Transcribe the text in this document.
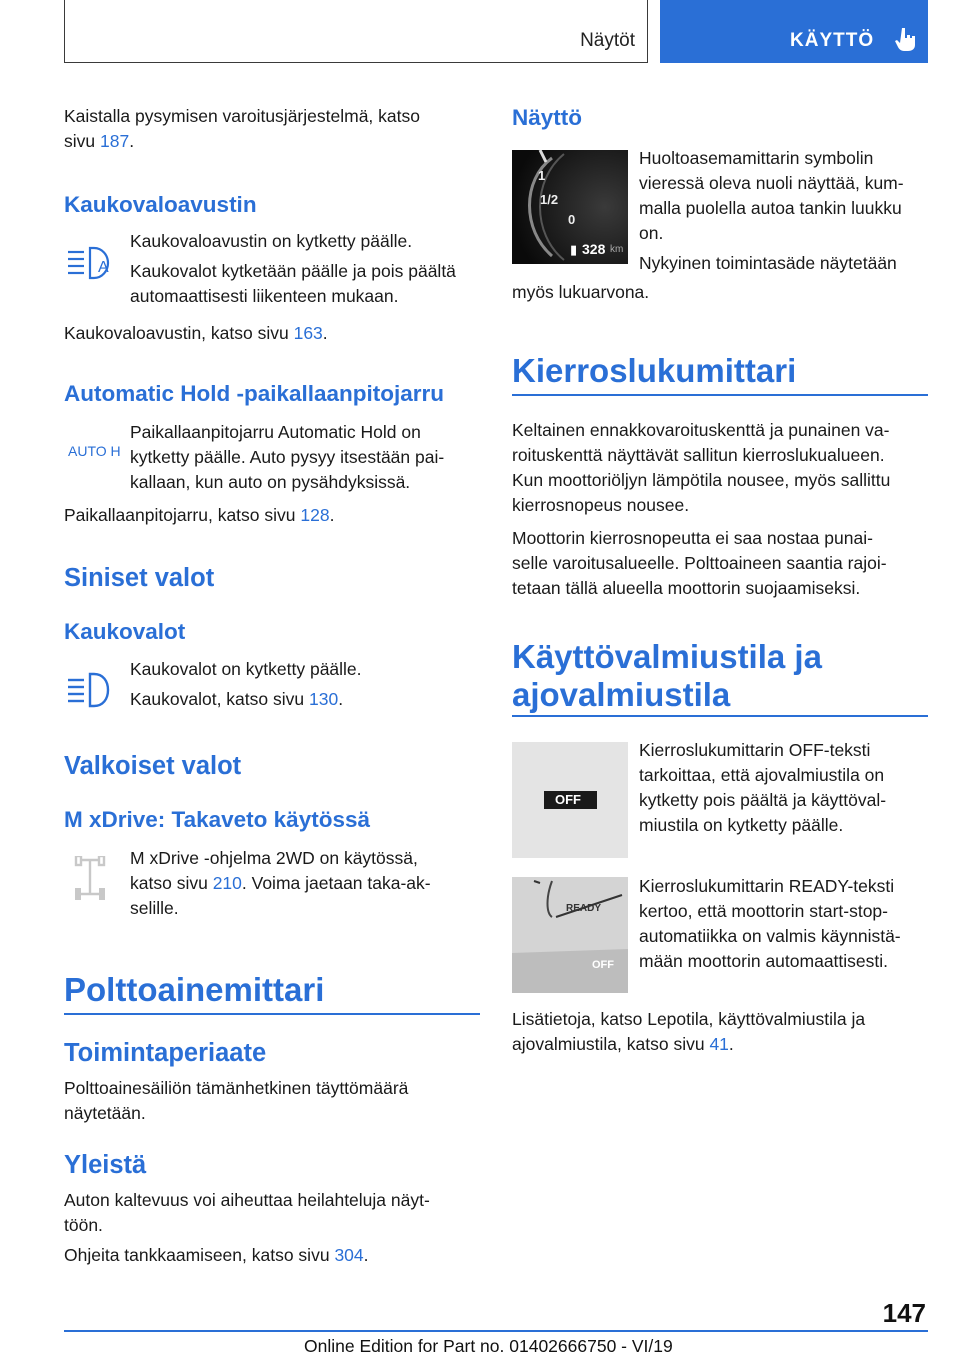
Näytöt	KÄYTTÖ

Kaistalla pysymisen varoitusjärjestelmä, katso

sivu 187.

Kaukovaloavustin
A

Kaukovaloavustin on kytketty päälle.

Kaukovalot kytketään päälle ja pois päältä

automaattisesti liikenteen mukaan.

Kaukovaloavustin, katso sivu 163.

Automatic Hold -paikallaanpitojarru
AUTO H

Paikallaanpitojarru Automatic Hold on

kytketty päälle. Auto pysyy itsestään pai-

kallaan, kun auto on pysähdyksissä.

Paikallaanpitojarru, katso sivu 128.

Siniset valot
Kaukovalot

Kaukovalot on kytketty päälle.

Kaukovalot, katso sivu 130.

Valkoiset valot
M xDrive: Takaveto käytössä

M xDrive -ohjelma 2WD on käytössä,

katso sivu 210. Voima jaetaan taka-ak-

selille.

Polttoainemittari
Toimintaperiaate

Polttoainesäiliön tämänhetkinen täyttömäärä

näytetään.

Yleistä

Auton kaltevuus voi aiheuttaa heilahteluja näyt-

töön.

Ohjeita tankkaamiseen, katso sivu 304.

Näyttö
1
1/2
0
▮ 328 km

Huoltoasemamittarin symbolin

vieressä oleva nuoli näyttää, kum-

malla puolella autoa tankin luukku

on.

Nykyinen toimintasäde näytetään

myös lukuarvona.

Kierroslukumittari

Keltainen ennakkovaroituskenttä ja punainen va-

roituskenttä näyttävät sallitun kierroslukualueen.

Kun moottoriöljyn lämpötila nousee, myös sallittu

kierrosnopeus nousee.

Moottorin kierrosnopeutta ei saa nostaa punai-

selle varoitusalueelle. Polttoaineen saantia rajoi-

tetaan tällä alueella moottorin suojaamiseksi.

Käyttövalmiustila ja
ajovalmiustila
OFF

Kierroslukumittarin OFF-teksti

tarkoittaa, että ajovalmiustila on

kytketty pois päältä ja käyttöval-

miustila on kytketty päälle.

READY
OFF

Kierroslukumittarin READY-teksti

kertoo, että moottorin start-stop-

automatiikka on valmis käynnistä-

mään moottorin automaattisesti.

Lisätietoja, katso Lepotila, käyttövalmiustila ja

ajovalmiustila, katso sivu 41.

147
Online Edition for Part no. 01402666750 - VI/19
